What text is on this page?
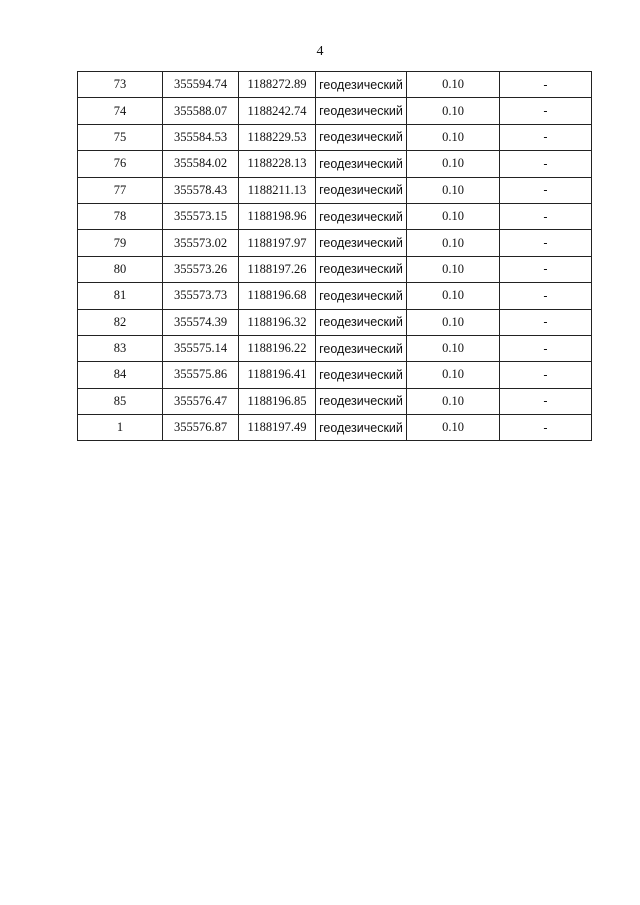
4
73	355594.74	1188272.89	геодезический	0.10	-
74	355588.07	1188242.74	геодезический	0.10	-
75	355584.53	1188229.53	геодезический	0.10	-
76	355584.02	1188228.13	геодезический	0.10	-
77	355578.43	1188211.13	геодезический	0.10	-
78	355573.15	1188198.96	геодезический	0.10	-
79	355573.02	1188197.97	геодезический	0.10	-
80	355573.26	1188197.26	геодезический	0.10	-
81	355573.73	1188196.68	геодезический	0.10	-
82	355574.39	1188196.32	геодезический	0.10	-
83	355575.14	1188196.22	геодезический	0.10	-
84	355575.86	1188196.41	геодезический	0.10	-
85	355576.47	1188196.85	геодезический	0.10	-
1	355576.87	1188197.49	геодезический	0.10	-
